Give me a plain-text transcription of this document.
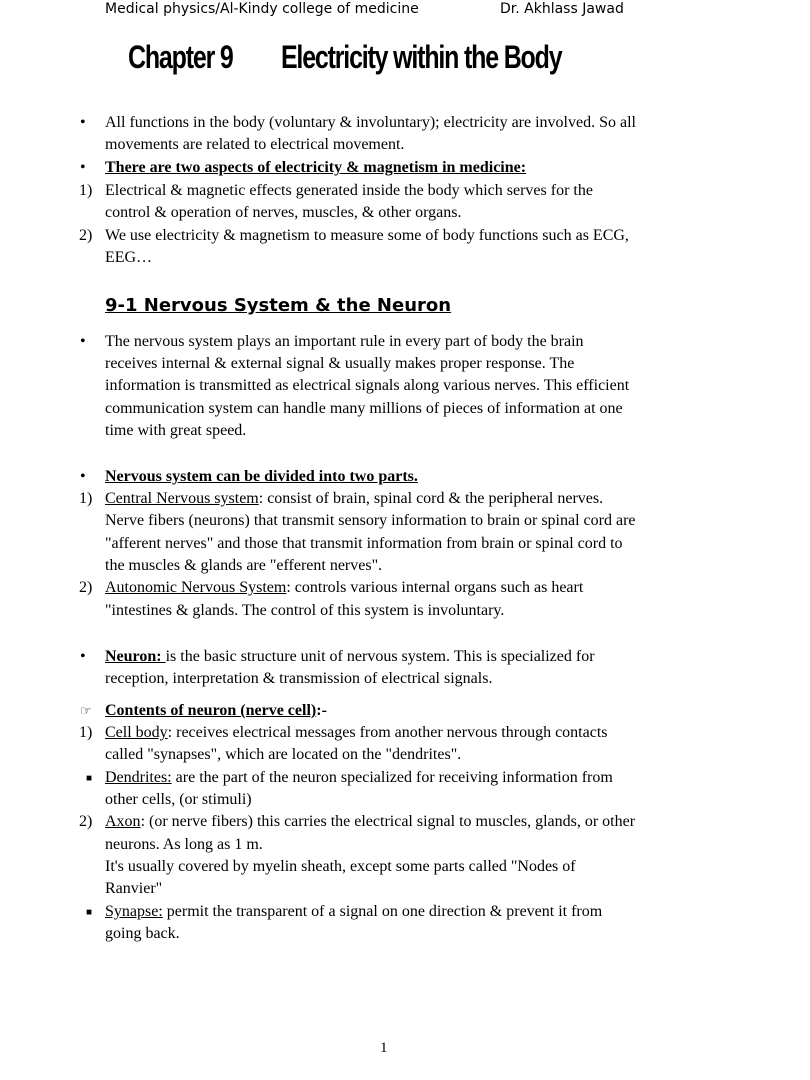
Medical physics/Al-Kindy college of medicine	Dr. Akhlass Jawad
Chapter 9 Electricity within the Body
• All functions in the body (voluntary & involuntary); electricity are involved. So all
movements are related to electrical movement.
• There are two aspects of electricity & magnetism in medicine:
1) Electrical & magnetic effects generated inside the body which serves for the
control & operation of nerves, muscles, & other organs.
2) We use electricity & magnetism to measure some of body functions such as ECG,
EEG…
9-1 Nervous System & the Neuron
• The nervous system plays an important rule in every part of body the brain
receives internal & external signal & usually makes proper response. The
information is transmitted as electrical signals along various nerves. This efficient
communication system can handle many millions of pieces of information at one
time with great speed.
• Nervous system can be divided into two parts.
1) Central Nervous system: consist of brain, spinal cord & the peripheral nerves.
Nerve fibers (neurons) that transmit sensory information to brain or spinal cord are
"afferent nerves" and those that transmit information from brain or spinal cord to
the muscles & glands are "efferent nerves".
2) Autonomic Nervous System: controls various internal organs such as heart
"intestines & glands. The control of this system is involuntary.
• Neuron: is the basic structure unit of nervous system. This is specialized for
reception, interpretation & transmission of electrical signals.
☞ Contents of neuron (nerve cell):-
1) Cell body: receives electrical messages from another nervous through contacts
called "synapses", which are located on the "dendrites".
■ Dendrites: are the part of the neuron specialized for receiving information from
other cells, (or stimuli)
2) Axon: (or nerve fibers) this carries the electrical signal to muscles, glands, or other
neurons. As long as 1 m.
It's usually covered by myelin sheath, except some parts called "Nodes of
Ranvier"
■ Synapse: permit the transparent of a signal on one direction & prevent it from
going back.
1
